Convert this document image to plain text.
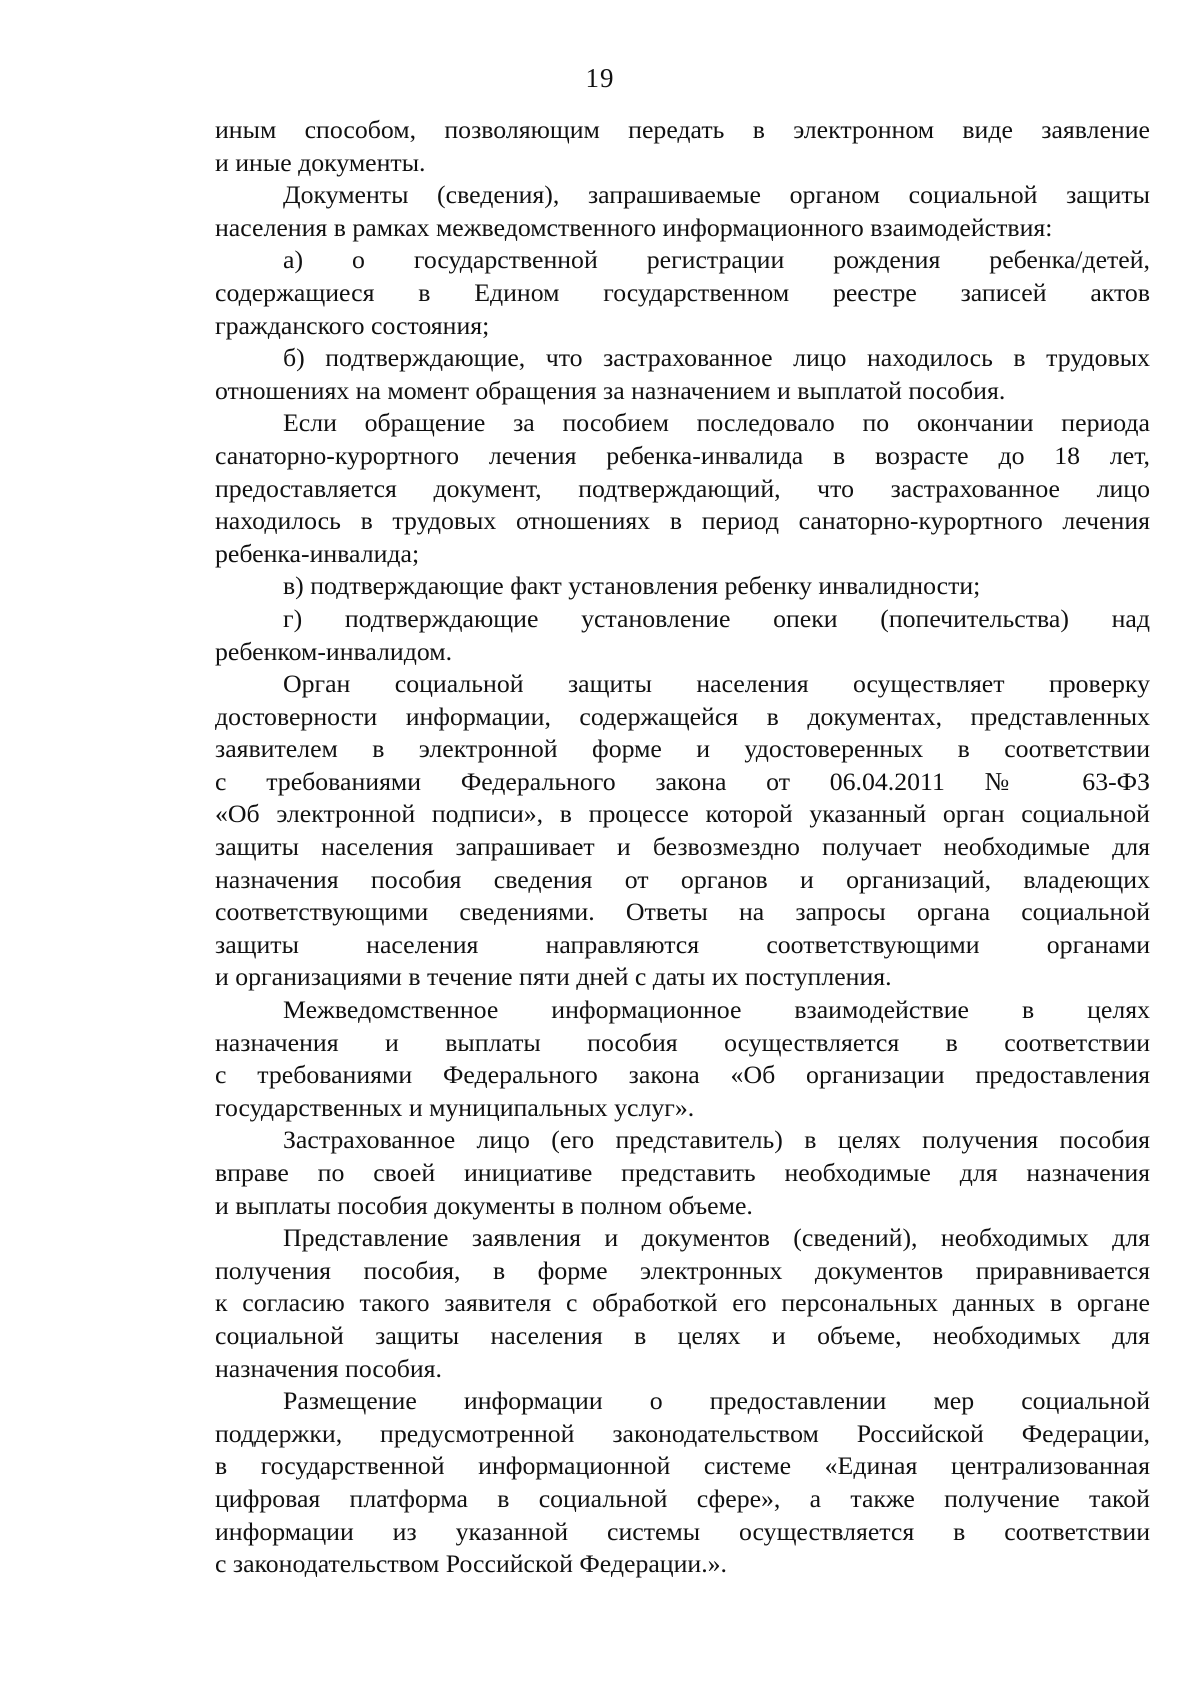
19
иным способом, позволяющим передать в электронном виде заявление
и иные документы.
Документы (сведения), запрашиваемые органом социальной защиты
населения в рамках межведомственного информационного взаимодействия:
а) о государственной регистрации рождения ребенка/детей,
содержащиеся в Едином государственном реестре записей актов
гражданского состояния;
б) подтверждающие, что застрахованное лицо находилось в трудовых
отношениях на момент обращения за назначением и выплатой пособия.
Если обращение за пособием последовало по окончании периода
санаторно-курортного лечения ребенка-инвалида в возрасте до 18 лет,
предоставляется документ, подтверждающий, что застрахованное лицо
находилось в трудовых отношениях в период санаторно-курортного лечения
ребенка-инвалида;
в) подтверждающие факт установления ребенку инвалидности;
г) подтверждающие установление опеки (попечительства) над
ребенком-инвалидом.
Орган социальной защиты населения осуществляет проверку
достоверности информации, содержащейся в документах, представленных
заявителем в электронной форме и удостоверенных в соответствии
с требованиями Федерального закона от 06.04.2011 № 63-ФЗ
«Об электронной подписи», в процессе которой указанный орган социальной
защиты населения запрашивает и безвозмездно получает необходимые для
назначения пособия сведения от органов и организаций, владеющих
соответствующими сведениями. Ответы на запросы органа социальной
защиты населения направляются соответствующими органами
и организациями в течение пяти дней с даты их поступления.
Межведомственное информационное взаимодействие в целях
назначения и выплаты пособия осуществляется в соответствии
с требованиями Федерального закона «Об организации предоставления
государственных и муниципальных услуг».
Застрахованное лицо (его представитель) в целях получения пособия
вправе по своей инициативе представить необходимые для назначения
и выплаты пособия документы в полном объеме.
Представление заявления и документов (сведений), необходимых для
получения пособия, в форме электронных документов приравнивается
к согласию такого заявителя с обработкой его персональных данных в органе
социальной защиты населения в целях и объеме, необходимых для
назначения пособия.
Размещение информации о предоставлении мер социальной
поддержки, предусмотренной законодательством Российской Федерации,
в государственной информационной системе «Единая централизованная
цифровая платформа в социальной сфере», а также получение такой
информации из указанной системы осуществляется в соответствии
с законодательством Российской Федерации.».
